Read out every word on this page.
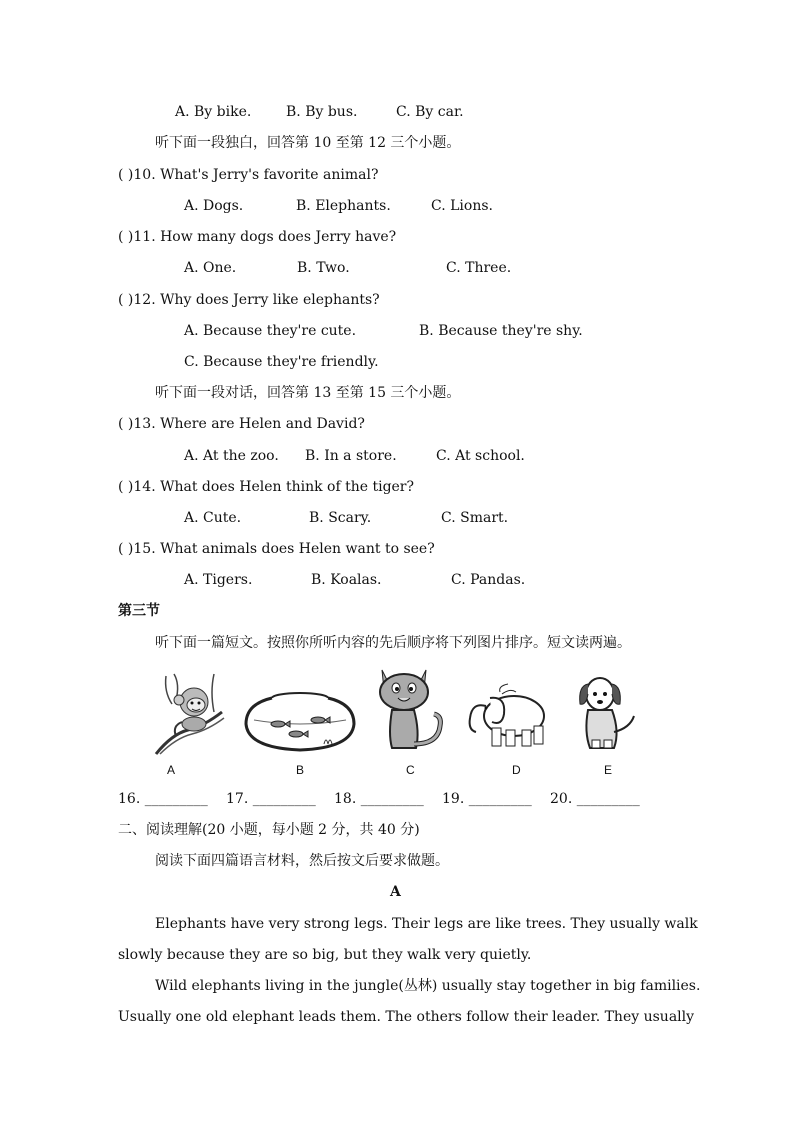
A. By bike. B. By bus.	C. By car.
听下面一段独白，回答第 10 至第 12 三个小题。
( )10. What's Jerry's favorite animal?
A. Dogs.	B. Elephants.	C. Lions.
( )11. How many dogs does Jerry have?
A. One.	B. Two.	C. Three.
( )12. Why does Jerry like elephants?
A. Because they're cute.	B. Because they're shy.
C. Because they're friendly.
听下面一段对话，回答第 13 至第 15 三个小题。
( )13. Where are Helen and David?
A. At the zoo. B. In a store.	C. At school.
( )14. What does Helen think of the tiger?
A. Cute.	B. Scary.	C. Smart.
( )15. What animals does Helen want to see?
A. Tigers.	B. Koalas.	C. Pandas.
第三节
听下面一篇短文。按照你所听内容的先后顺序将下列图片排序。短文读两遍。
A	B	C	D	E
16. _________ 17. _________ 18. _________ 19. _________ 20. _________
二、阅读理解(20 小题，每小题 2 分，共 40 分)
阅读下面四篇语言材料，然后按文后要求做题。
A
Elephants have very strong legs. Their legs are like trees. They usually walk
slowly because they are so big, but they walk very quietly.
Wild elephants living in the jungle(丛林) usually stay together in big families.
Usually one old elephant leads them. The others follow their leader. They usually
